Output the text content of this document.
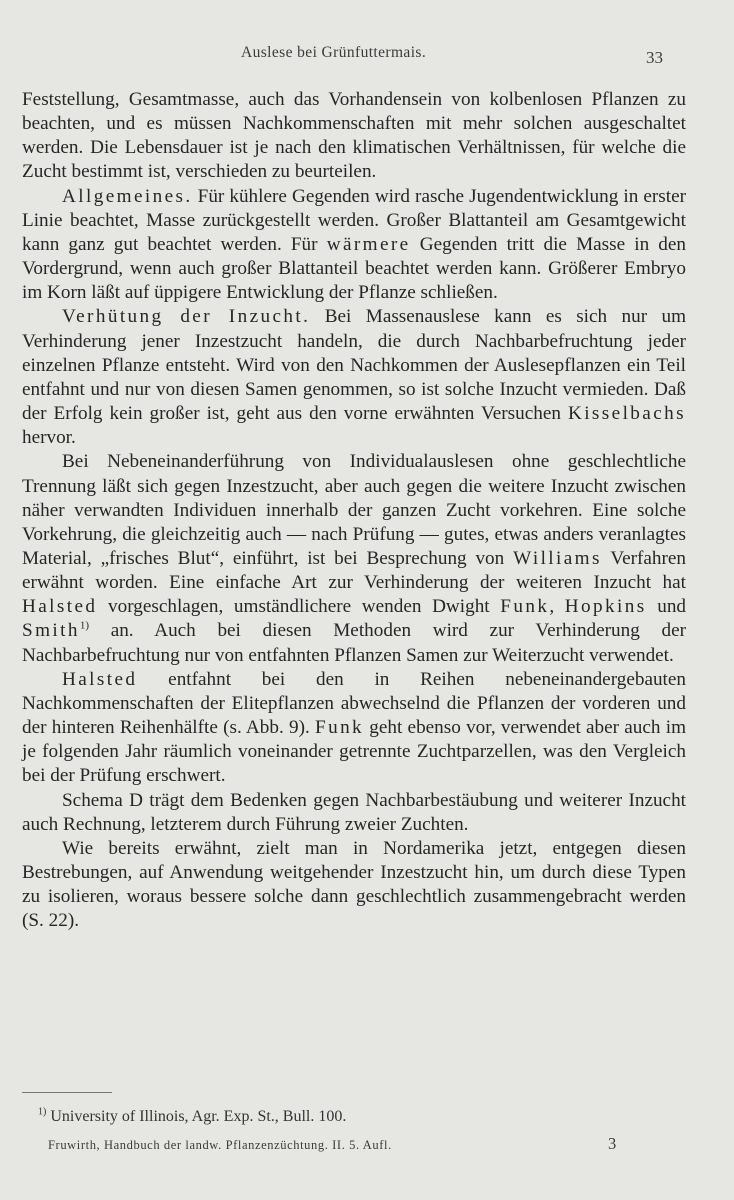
Auslese bei Grünfuttermais.	33

Feststellung, Gesamtmasse, auch das Vorhandensein von kolbenlosen Pflanzen zu beachten, und es müssen Nachkommenschaften mit mehr solchen ausgeschaltet werden. Die Lebensdauer ist je nach den klimatischen Verhältnissen, für welche die Zucht bestimmt ist, verschieden zu beurteilen.

Allgemeines. Für kühlere Gegenden wird rasche Jugendentwicklung in erster Linie beachtet, Masse zurückgestellt werden. Großer Blattanteil am Gesamtgewicht kann ganz gut beachtet werden. Für wärmere Gegenden tritt die Masse in den Vordergrund, wenn auch großer Blattanteil beachtet werden kann. Größerer Embryo im Korn läßt auf üppigere Entwicklung der Pflanze schließen.

Verhütung der Inzucht. Bei Massenauslese kann es sich nur um Verhinderung jener Inzestzucht handeln, die durch Nachbarbefruchtung jeder einzelnen Pflanze entsteht. Wird von den Nachkommen der Auslesepflanzen ein Teil entfahnt und nur von diesen Samen genommen, so ist solche Inzucht vermieden. Daß der Erfolg kein großer ist, geht aus den vorne erwähnten Versuchen Kisselbachs hervor.

Bei Nebeneinanderführung von Individualauslesen ohne geschlechtliche Trennung läßt sich gegen Inzestzucht, aber auch gegen die weitere Inzucht zwischen näher verwandten Individuen innerhalb der ganzen Zucht vorkehren. Eine solche Vorkehrung, die gleichzeitig auch — nach Prüfung — gutes, etwas anders veranlagtes Material, „frisches Blut“, einführt, ist bei Besprechung von Williams Verfahren erwähnt worden. Eine einfache Art zur Verhinderung der weiteren Inzucht hat Halsted vorgeschlagen, umständlichere wenden Dwight Funk, Hopkins und Smith$^{1)}$ an. Auch bei diesen Methoden wird zur Verhinderung der Nachbarbefruchtung nur von entfahnten Pflanzen Samen zur Weiterzucht verwendet.

Halsted entfahnt bei den in Reihen nebeneinandergebauten Nachkommenschaften der Elitepflanzen abwechselnd die Pflanzen der vorderen und der hinteren Reihenhälfte (s. Abb. 9). Funk geht ebenso vor, verwendet aber auch im je folgenden Jahr räumlich voneinander getrennte Zuchtparzellen, was den Vergleich bei der Prüfung erschwert.

Schema D trägt dem Bedenken gegen Nachbarbestäubung und weiterer Inzucht auch Rechnung, letzterem durch Führung zweier Zuchten.

Wie bereits erwähnt, zielt man in Nordamerika jetzt, entgegen diesen Bestrebungen, auf Anwendung weitgehender Inzestzucht hin, um durch diese Typen zu isolieren, woraus bessere solche dann geschlechtlich zusammengebracht werden (S. 22).

$^{1)}$ University of Illinois, Agr. Exp. St., Bull. 100.
Fruwirth, Handbuch der landw. Pflanzenzüchtung. II. 5. Aufl.	3
